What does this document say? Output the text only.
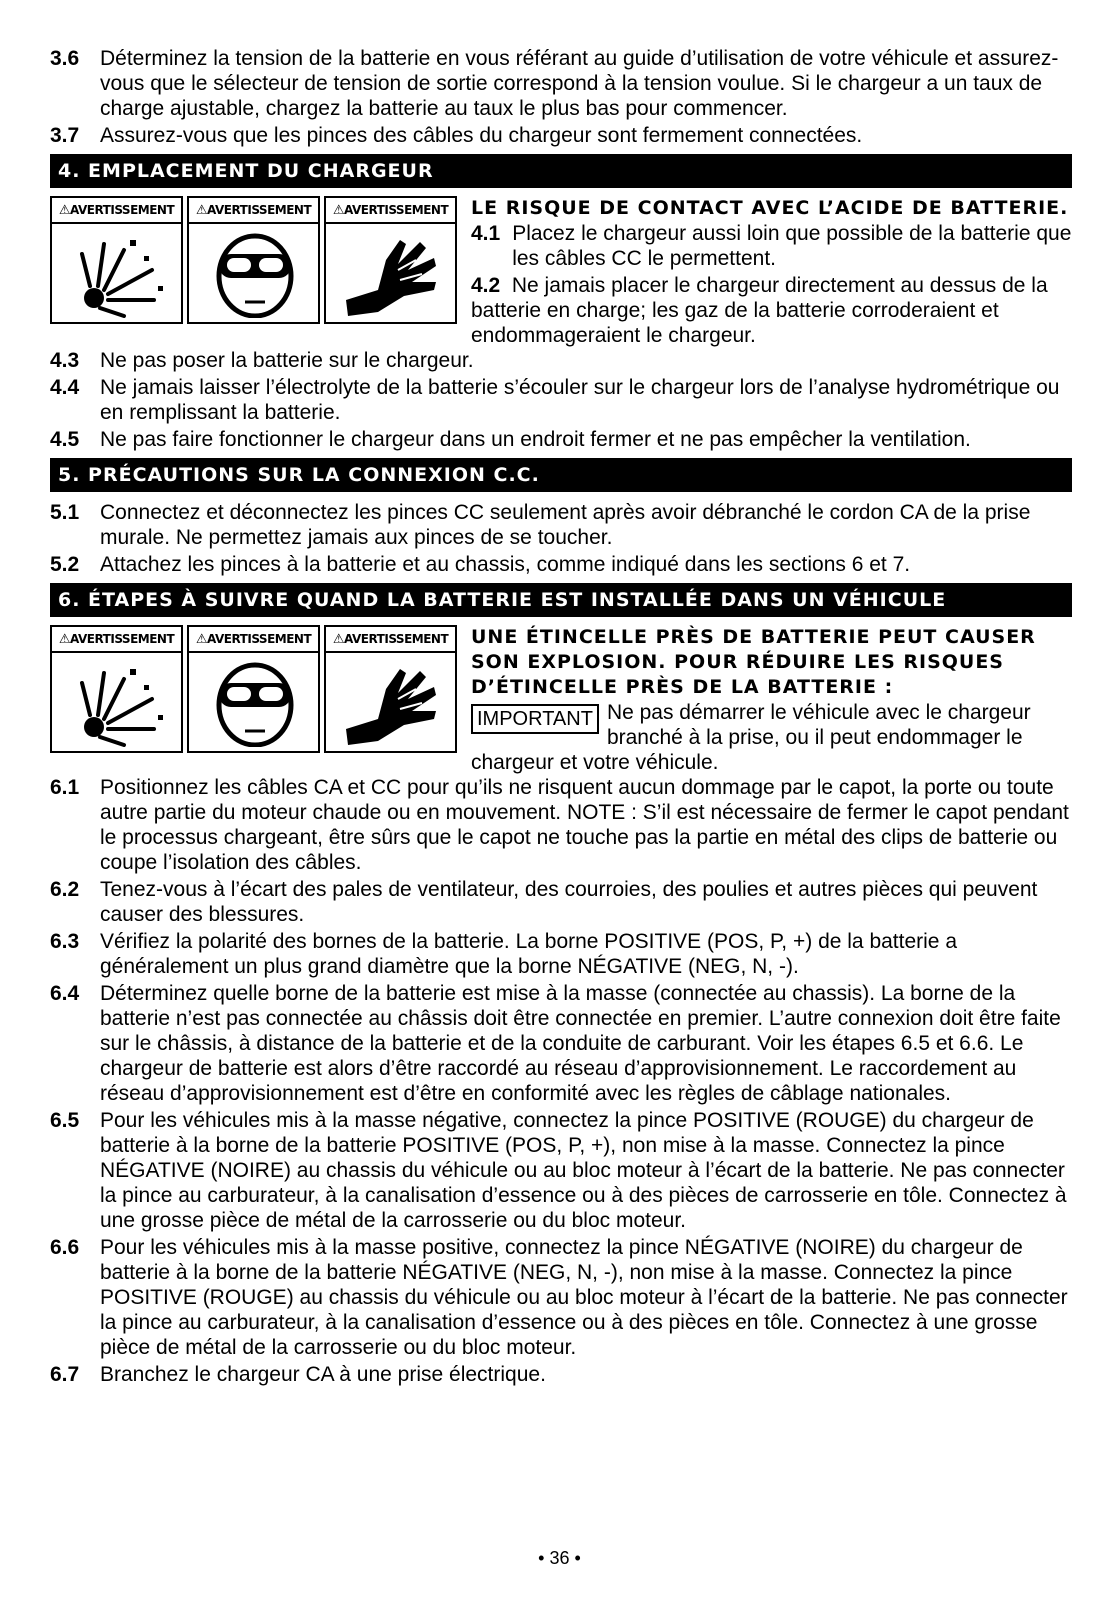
3.6 Déterminez la tension de la batterie en vous référant au guide d’utilisation de votre véhicule et assurez-vous que le sélecteur de tension de sortie correspond à la tension voulue. Si le chargeur a un taux de charge ajustable, chargez la batterie au taux le plus bas pour commencer.
3.7 Assurez-vous que les pinces des câbles du chargeur sont fermement connectées.
4. EMPLACEMENT DU CHARGEUR
⚠AVERTISSEMENT	⚠AVERTISSEMENT	⚠AVERTISSEMENT	LE RISQUE DE CONTACT AVEC L’ACIDE DE BATTERIE.
4.1 Placez le chargeur aussi loin que possible de la batterie que les câbles CC le permettent.
4.2 Ne jamais placer le chargeur directement au dessus de la batterie en charge; les gaz de la batterie corroderaient et endommageraient le chargeur.
4.3 Ne pas poser la batterie sur le chargeur.
4.4 Ne jamais laisser l’électrolyte de la batterie s’écouler sur le chargeur lors de l’analyse hydrométrique ou en remplissant la batterie.
4.5 Ne pas faire fonctionner le chargeur dans un endroit fermer et ne pas empêcher la ventilation.
5. PRÉCAUTIONS SUR LA CONNEXION C.C.
5.1 Connectez et déconnectez les pinces CC seulement après avoir débranché le cordon CA de la prise murale. Ne permettez jamais aux pinces de se toucher.
5.2 Attachez les pinces à la batterie et au chassis, comme indiqué dans les sections 6 et 7.
6. ÉTAPES À SUIVRE QUAND LA BATTERIE EST INSTALLÉE DANS UN VÉHICULE
⚠AVERTISSEMENT	⚠AVERTISSEMENT	⚠AVERTISSEMENT	UNE ÉTINCELLE PRÈS DE BATTERIE PEUT CAUSER SON EXPLOSION. POUR RÉDUIRE LES RISQUES D’ÉTINCELLE PRÈS DE LA BATTERIE :
IMPORTANT Ne pas démarrer le véhicule avec le chargeur branché à la prise, ou il peut endommager le chargeur et votre véhicule.
6.1 Positionnez les câbles CA et CC pour qu’ils ne risquent aucun dommage par le capot, la porte ou toute autre partie du moteur chaude ou en mouvement. NOTE : S’il est nécessaire de fermer le capot pendant le processus chargeant, être sûrs que le capot ne touche pas la partie en métal des clips de batterie ou coupe l’isolation des câbles.
6.2 Tenez-vous à l’écart des pales de ventilateur, des courroies, des poulies et autres pièces qui peuvent causer des blessures.
6.3 Vérifiez la polarité des bornes de la batterie. La borne POSITIVE (POS, P, +) de la batterie a généralement un plus grand diamètre que la borne NÉGATIVE (NEG, N, -).
6.4 Déterminez quelle borne de la batterie est mise à la masse (connectée au chassis). La borne de la batterie n’est pas connectée au châssis doit être connectée en premier. L’autre connexion doit être faite sur le châssis, à distance de la batterie et de la conduite de carburant. Voir les étapes 6.5 et 6.6. Le chargeur de batterie est alors d’être raccordé au réseau d’approvisionnement. Le raccordement au réseau d’approvisionnement est d’être en conformité avec les règles de câblage nationales.
6.5 Pour les véhicules mis à la masse négative, connectez la pince POSITIVE (ROUGE) du chargeur de batterie à la borne de la batterie POSITIVE (POS, P, +), non mise à la masse. Connectez la pince NÉGATIVE (NOIRE) au chassis du véhicule ou au bloc moteur à l’écart de la batterie. Ne pas connecter la pince au carburateur, à la canalisation d’essence ou à des pièces de carrosserie en tôle. Connectez à une grosse pièce de métal de la carrosserie ou du bloc moteur.
6.6 Pour les véhicules mis à la masse positive, connectez la pince NÉGATIVE (NOIRE) du chargeur de batterie à la borne de la batterie NÉGATIVE (NEG, N, -), non mise à la masse. Connectez la pince POSITIVE (ROUGE) au chassis du véhicule ou au bloc moteur à l’écart de la batterie. Ne pas connecter la pince au carburateur, à la canalisation d’essence ou à des pièces en tôle. Connectez à une grosse pièce de métal de la carrosserie ou du bloc moteur.
6.7 Branchez le chargeur CA à une prise électrique.
• 36 •
